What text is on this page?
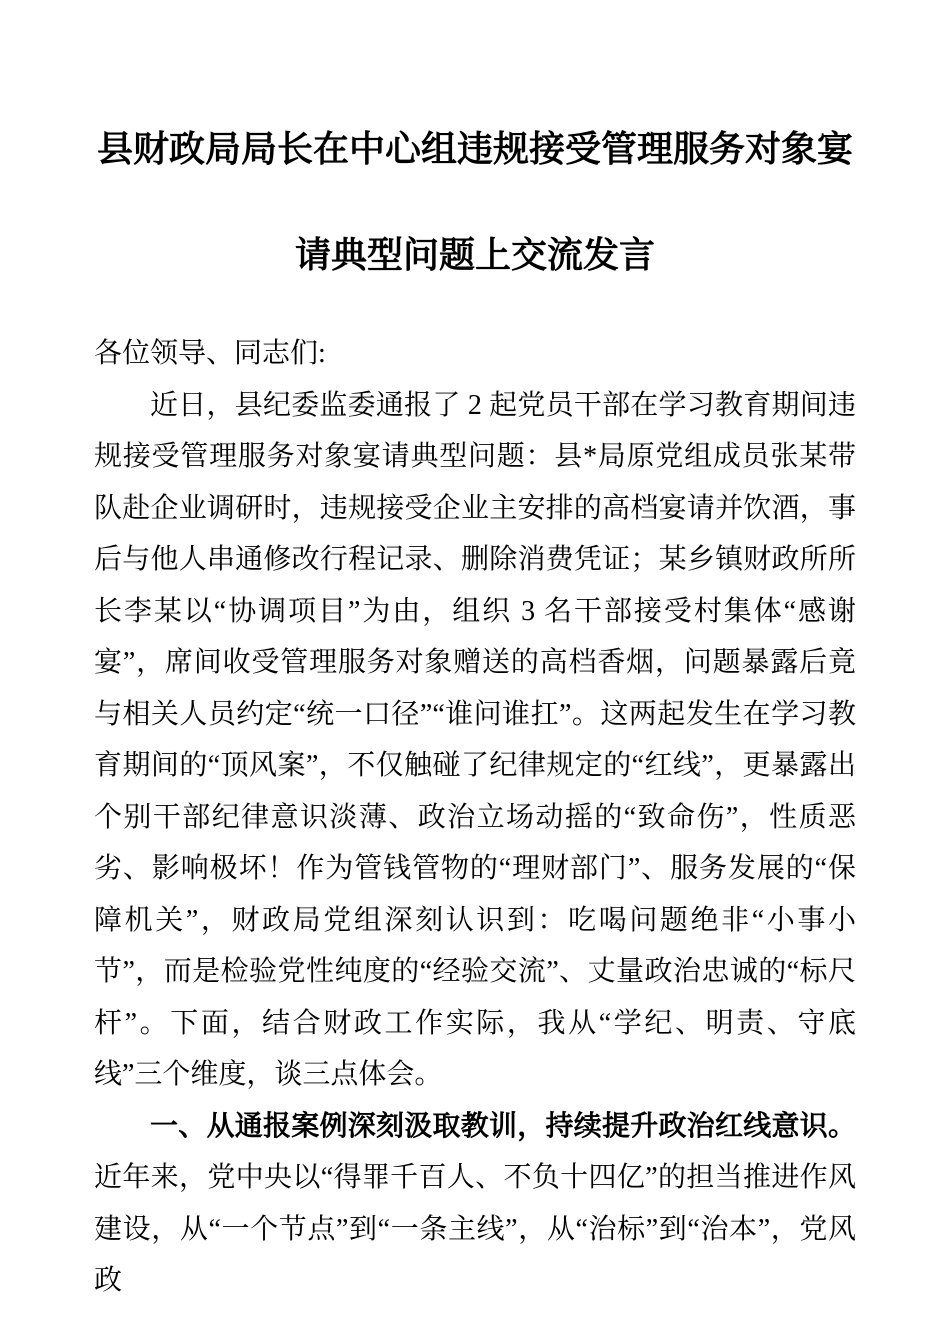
县财政局局长在中心组违规接受管理服务对象宴
请典型问题上交流发言

各位领导、同志们:

近日，县纪委监委通报了 2 起党员干部在学习教育期间违规接受管理服务对象宴请典型问题：县*局原党组成员张某带队赴企业调研时，违规接受企业主安排的高档宴请并饮酒，事后与他人串通修改行程记录、删除消费凭证；某乡镇财政所所长李某以“协调项目”为由，组织 3 名干部接受村集体“感谢宴”，席间收受管理服务对象赠送的高档香烟，问题暴露后竟与相关人员约定“统一口径”“谁问谁扛”。这两起发生在学习教育期间的“顶风案”，不仅触碰了纪律规定的“红线”，更暴露出个别干部纪律意识淡薄、政治立场动摇的“致命伤”，性质恶劣、影响极坏！作为管钱管物的“理财部门”、服务发展的“保障机关”，财政局党组深刻认识到：吃喝问题绝非“小事小节”，而是检验党性纯度的“经验交流”、丈量政治忠诚的“标尺杆”。下面，结合财政工作实际，我从“学纪、明责、守底线”三个维度，谈三点体会。

一、从通报案例深刻汲取教训，持续提升政治红线意识。近年来，党中央以“得罪千百人、不负十四亿”的担当推进作风建设，从“一个节点”到“一条主线”，从“治标”到“治本”，党风政
